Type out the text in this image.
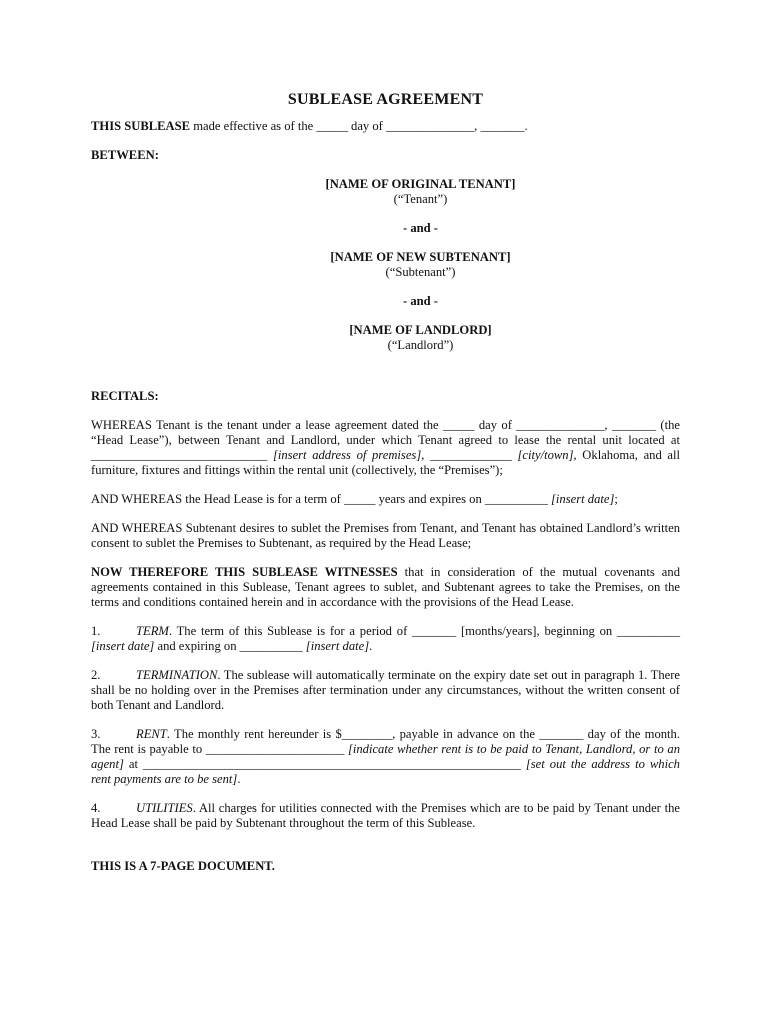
SUBLEASE AGREEMENT

THIS SUBLEASE made effective as of the _____ day of ______________, _______.

BETWEEN:

[NAME OF ORIGINAL TENANT]

(“Tenant”)

- and -

[NAME OF NEW SUBTENANT]

(“Subtenant”)

- and -

[NAME OF LANDLORD]

(“Landlord”)

RECITALS:

WHEREAS Tenant is the tenant under a lease agreement dated the _____ day of ______________, _______ (the “Head Lease”), between Tenant and Landlord, under which Tenant agreed to lease the rental unit located at ____________________________ [insert address of premises], _____________ [city/town], Oklahoma, and all furniture, fixtures and fittings within the rental unit (collectively, the “Premises”);

AND WHEREAS the Head Lease is for a term of _____ years and expires on __________ [insert date];

AND WHEREAS Subtenant desires to sublet the Premises from Tenant, and Tenant has obtained Landlord’s written consent to sublet the Premises to Subtenant, as required by the Head Lease;

NOW THEREFORE THIS SUBLEASE WITNESSES that in consideration of the mutual covenants and agreements contained in this Sublease, Tenant agrees to sublet, and Subtenant agrees to take the Premises, on the terms and conditions contained herein and in accordance with the provisions of the Head Lease.

1.	TERM. The term of this Sublease is for a period of _______ [months/years], beginning on __________ [insert date] and expiring on __________ [insert date].

2.	TERMINATION. The sublease will automatically terminate on the expiry date set out in paragraph 1. There shall be no holding over in the Premises after termination under any circumstances, without the written consent of both Tenant and Landlord.

3.	RENT. The monthly rent hereunder is $________, payable in advance on the _______ day of the month. The rent is payable to ______________________ [indicate whether rent is to be paid to Tenant, Landlord, or to an agent] at ____________________________________________________________ [set out the address to which rent payments are to be sent].

4.	UTILITIES. All charges for utilities connected with the Premises which are to be paid by Tenant under the Head Lease shall be paid by Subtenant throughout the term of this Sublease.

THIS IS A 7-PAGE DOCUMENT.
